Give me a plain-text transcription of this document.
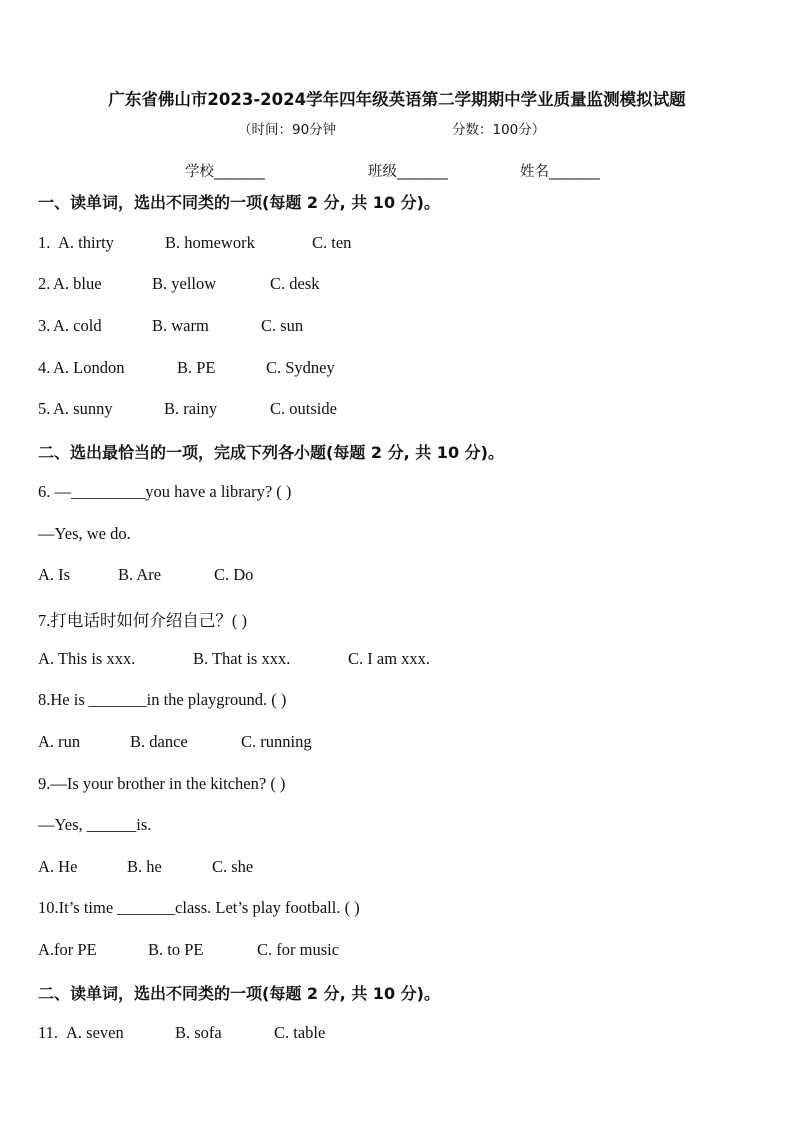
广东省佛山市2023-2024学年四年级英语第二学期期中学业质量监测模拟试题
（时间：90分钟	分数：100分）
学校_______	班级_______	姓名_______
一、读单词，选出不同类的一项(每题 2 分, 共 10 分)。
1. A. thirty	B. homework	C. ten
2. A. blue	B. yellow	C. desk
3. A. cold	B. warm	C. sun
4. A. London	B. PE	C. Sydney
5. A. sunny	B. rainy	C. outside
二、选出最恰当的一项，完成下列各小题(每题 2 分, 共 10 分)。
6. —_________you have a library? ( )
—Yes, we do.
A. Is	B. Are	C. Do
7.打电话时如何介绍自己？( )
A. This is xxx.	B. That is xxx.	C. I am xxx.
8.He is _______in the playground. ( )
A. run	B. dance	C. running
9.—Is your brother in the kitchen? ( )
—Yes, ______is.
A. He	B. he	C. she
10.It’s time _______class. Let’s play football. ( )
A.for PE	B. to PE	C. for music
二、读单词，选出不同类的一项(每题 2 分, 共 10 分)。
11. A. seven	B. sofa	C. table
